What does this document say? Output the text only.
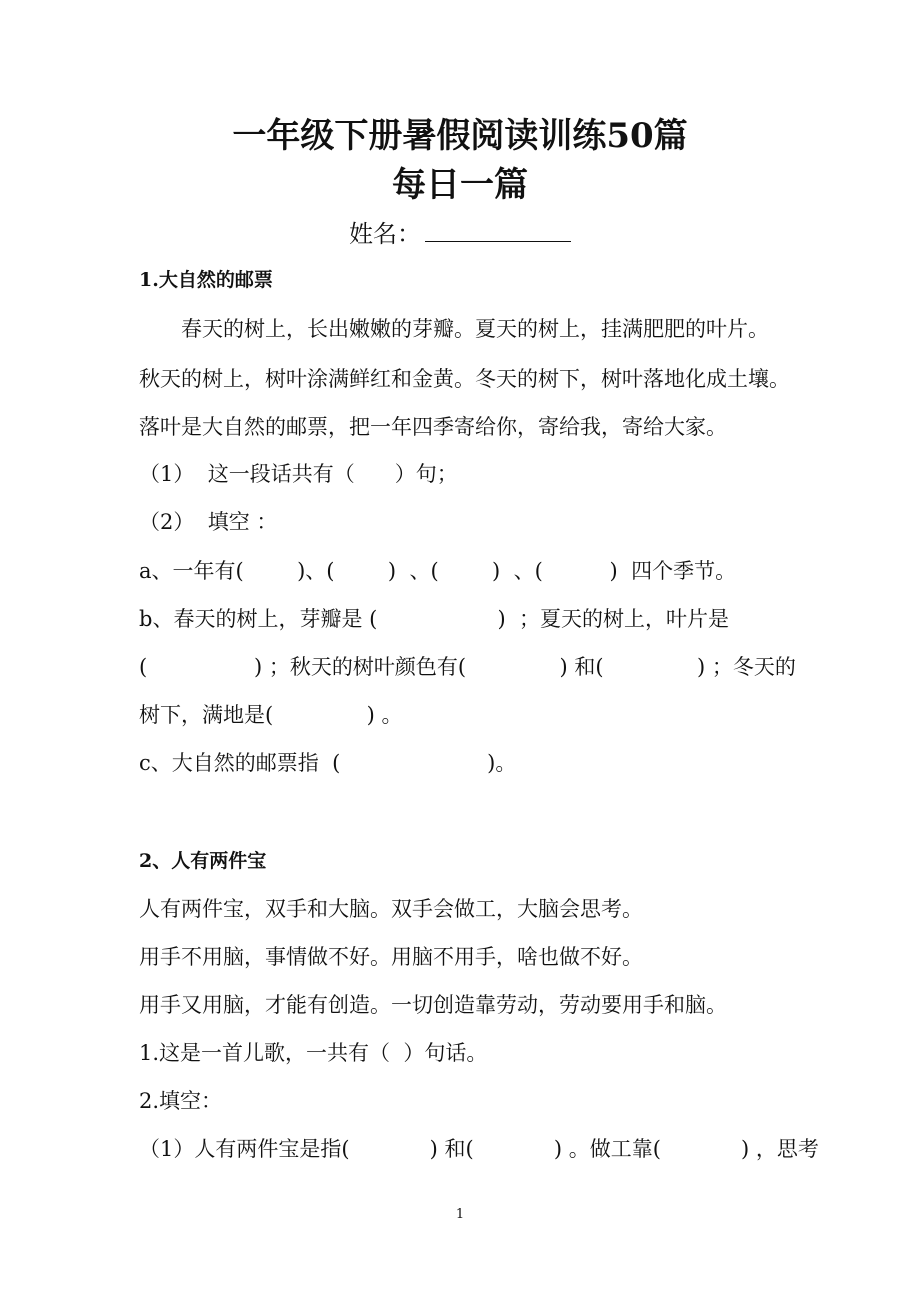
一年级下册暑假阅读训练50篇
每日一篇
姓名：
1.大自然的邮票
　　春天的树上，长出嫩嫩的芽瓣。夏天的树上，挂满肥肥的叶片。
秋天的树上，树叶涂满鲜红和金黄。冬天的树下，树叶落地化成土壤。
落叶是大自然的邮票，把一年四季寄给你，寄给我，寄给大家。
（1）  这一段话共有（      ）句；
（2）  填空 ：
a、一年有(        )、(        )  、(        )  、(          )  四个季节。
b、春天的树上，芽瓣是 (                  )  ；夏天的树上，叶片是
(                ) ；秋天的树叶颜色有(              ) 和(              ) ；冬天的
树下，满地是(              ) 。
c、大自然的邮票指  (                      )。
2、人有两件宝
人有两件宝，双手和大脑。双手会做工，大脑会思考。
用手不用脑，事情做不好。用脑不用手，啥也做不好。
用手又用脑，才能有创造。一切创造靠劳动，劳动要用手和脑。
1.这是一首儿歌，一共有（  ）句话。
2.填空：
（1）人有两件宝是指(            ) 和(            ) 。做工靠(            ) ，思考
1
